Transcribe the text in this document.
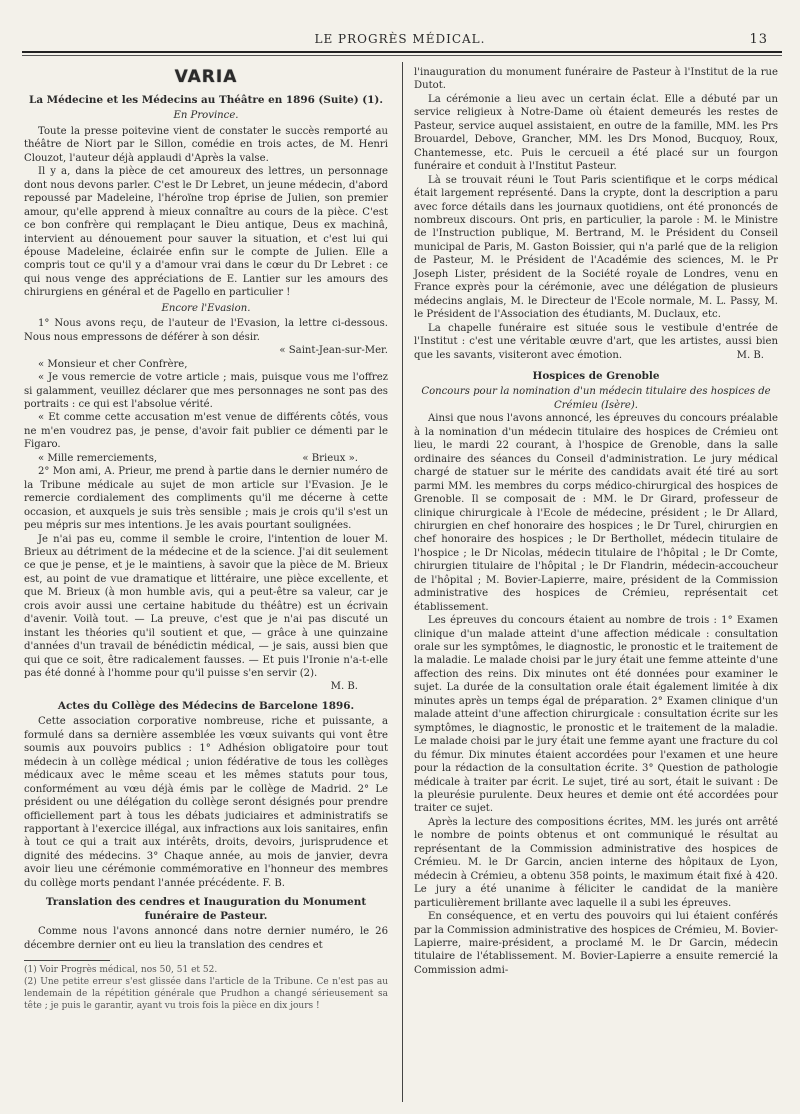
LE PROGRÈS MÉDICAL.	13
VARIA
La Médecine et les Médecins au Théâtre en 1896 (Suite) (1).
En Province.

Toute la presse poitevine vient de constater le succès remporté au théâtre de Niort par le Sillon, comédie en trois actes, de M. Henri Clouzot, l'auteur déjà applaudi d'Après la valse.

Il y a, dans la pièce de cet amoureux des lettres, un personnage dont nous devons parler. C'est le Dr Lebret, un jeune médecin, d'abord repoussé par Madeleine, l'héroïne trop éprise de Julien, son premier amour, qu'elle apprend à mieux connaître au cours de la pièce. C'est ce bon confrère qui remplaçant le Dieu antique, Deus ex machinâ, intervient au dénouement pour sauver la situation, et c'est lui qui épouse Madeleine, éclairée enfin sur le compte de Julien. Elle a compris tout ce qu'il y a d'amour vrai dans le cœur du Dr Lebret : ce qui nous venge des appréciations de E. Lantier sur les amours des chirurgiens en général et de Pagello en particulier !

Encore l'Evasion.

1° Nous avons reçu, de l'auteur de l'Evasion, la lettre ci-dessous. Nous nous empressons de déférer à son désir.

« Saint-Jean-sur-Mer.

« Monsieur et cher Confrère,

« Je vous remercie de votre article ; mais, puisque vous me l'offrez si galamment, veuillez déclarer que mes personnages ne sont pas des portraits : ce qui est l'absolue vérité.

« Et comme cette accusation m'est venue de différents côtés, vous ne m'en voudrez pas, je pense, d'avoir fait publier ce démenti par le Figaro.

« Mille remerciements,	« Brieux ».

2° Mon ami, A. Prieur, me prend à partie dans le dernier numéro de la Tribune médicale au sujet de mon article sur l'Evasion. Je le remercie cordialement des compliments qu'il me décerne à cette occasion, et auxquels je suis très sensible ; mais je crois qu'il s'est un peu mépris sur mes intentions. Je les avais pourtant soulignées.

Je n'ai pas eu, comme il semble le croire, l'intention de louer M. Brieux au détriment de la médecine et de la science. J'ai dit seulement ce que je pense, et je le maintiens, à savoir que la pièce de M. Brieux est, au point de vue dramatique et littéraire, une pièce excellente, et que M. Brieux (à mon humble avis, qui a peut-être sa valeur, car je crois avoir aussi une certaine habitude du théâtre) est un écrivain d'avenir. Voilà tout. — La preuve, c'est que je n'ai pas discuté un instant les théories qu'il soutient et que, — grâce à une quinzaine d'années d'un travail de bénédictin médical, — je sais, aussi bien que qui que ce soit, être radicalement fausses. — Et puis l'Ironie n'a-t-elle pas été donné à l'homme pour qu'il puisse s'en servir (2).

M. B.
Actes du Collège des Médecins de Barcelone 1896.

Cette association corporative nombreuse, riche et puissante, a formulé dans sa dernière assemblée les vœux suivants qui vont être soumis aux pouvoirs publics : 1° Adhésion obligatoire pour tout médecin à un collège médical ; union fédérative de tous les collèges médicaux avec le même sceau et les mêmes statuts pour tous, conformément au vœu déjà émis par le collège de Madrid. 2° Le président ou une délégation du collège seront désignés pour prendre officiellement part à tous les débats judiciaires et administratifs se rapportant à l'exercice illégal, aux infractions aux lois sanitaires, enfin à tout ce qui a trait aux intérêts, droits, devoirs, jurisprudence et dignité des médecins. 3° Chaque année, au mois de janvier, devra avoir lieu une cérémonie commémorative en l'honneur des membres du collège morts pendant l'année précédente. F. B.

Translation des cendres et Inauguration du Monument funéraire de Pasteur.

Comme nous l'avons annoncé dans notre dernier numéro, le 26 décembre dernier ont eu lieu la translation des cendres et

(1) Voir Progrès médical, nos 50, 51 et 52.

(2) Une petite erreur s'est glissée dans l'article de la Tribune. Ce n'est pas au lendemain de la répétition générale que Prudhon a changé sérieusement sa tête ; je puis le garantir, ayant vu trois fois la pièce en dix jours !

l'inauguration du monument funéraire de Pasteur à l'Institut de la rue Dutot.

La cérémonie a lieu avec un certain éclat. Elle a débuté par un service religieux à Notre-Dame où étaient demeurés les restes de Pasteur, service auquel assistaient, en outre de la famille, MM. les Prs Brouardel, Debove, Grancher, MM. les Drs Monod, Bucquoy, Roux, Chantemesse, etc. Puis le cercueil a été placé sur un fourgon funéraire et conduit à l'Institut Pasteur.

Là se trouvait réuni le Tout Paris scientifique et le corps médical était largement représenté. Dans la crypte, dont la description a paru avec force détails dans les journaux quotidiens, ont été prononcés de nombreux discours. Ont pris, en particulier, la parole : M. le Ministre de l'Instruction publique, M. Bertrand, M. le Président du Conseil municipal de Paris, M. Gaston Boissier, qui n'a parlé que de la religion de Pasteur, M. le Président de l'Académie des sciences, M. le Pr Joseph Lister, président de la Société royale de Londres, venu en France exprès pour la cérémonie, avec une délégation de plusieurs médecins anglais, M. le Directeur de l'Ecole normale, M. L. Passy, M. le Président de l'Association des étudiants, M. Duclaux, etc.

La chapelle funéraire est située sous le vestibule d'entrée de l'Institut : c'est une véritable œuvre d'art, que les artistes, aussi bien que les savants, visiteront avec émotion.	M. B.

Hospices de Grenoble
Concours pour la nomination d'un médecin titulaire des hospices de Crémieu (Isère).

Ainsi que nous l'avons annoncé, les épreuves du concours préalable à la nomination d'un médecin titulaire des hospices de Crémieu ont lieu, le mardi 22 courant, à l'hospice de Grenoble, dans la salle ordinaire des séances du Conseil d'administration. Le jury médical chargé de statuer sur le mérite des candidats avait été tiré au sort parmi MM. les membres du corps médico-chirurgical des hospices de Grenoble. Il se composait de : MM. le Dr Girard, professeur de clinique chirurgicale à l'Ecole de médecine, président ; le Dr Allard, chirurgien en chef honoraire des hospices ; le Dr Turel, chirurgien en chef honoraire des hospices ; le Dr Berthollet, médecin titulaire de l'hospice ; le Dr Nicolas, médecin titulaire de l'hôpital ; le Dr Comte, chirurgien titulaire de l'hôpital ; le Dr Flandrin, médecin-accoucheur de l'hôpital ; M. Bovier-Lapierre, maire, président de la Commission administrative des hospices de Crémieu, représentait cet établissement.

Les épreuves du concours étaient au nombre de trois : 1° Examen clinique d'un malade atteint d'une affection médicale : consultation orale sur les symptômes, le diagnostic, le pronostic et le traitement de la maladie. Le malade choisi par le jury était une femme atteinte d'une affection des reins. Dix minutes ont été données pour examiner le sujet. La durée de la consultation orale était également limitée à dix minutes après un temps égal de préparation. 2° Examen clinique d'un malade atteint d'une affection chirurgicale : consultation écrite sur les symptômes, le diagnostic, le pronostic et le traitement de la maladie. Le malade choisi par le jury était une femme ayant une fracture du col du fémur. Dix minutes étaient accordées pour l'examen et une heure pour la rédaction de la consultation écrite. 3° Question de pathologie médicale à traiter par écrit. Le sujet, tiré au sort, était le suivant : De la pleurésie purulente. Deux heures et demie ont été accordées pour traiter ce sujet.

Après la lecture des compositions écrites, MM. les jurés ont arrêté le nombre de points obtenus et ont communiqué le résultat au représentant de la Commission administrative des hospices de Crémieu. M. le Dr Garcin, ancien interne des hôpitaux de Lyon, médecin à Crémieu, a obtenu 358 points, le maximum était fixé à 420. Le jury a été unanime à féliciter le candidat de la manière particulièrement brillante avec laquelle il a subi les épreuves.

En conséquence, et en vertu des pouvoirs qui lui étaient conférés par la Commission administrative des hospices de Crémieu, M. Bovier-Lapierre, maire-président, a proclamé M. le Dr Garcin, médecin titulaire de l'établissement. M. Bovier-Lapierre a ensuite remercié la Commission admi-
